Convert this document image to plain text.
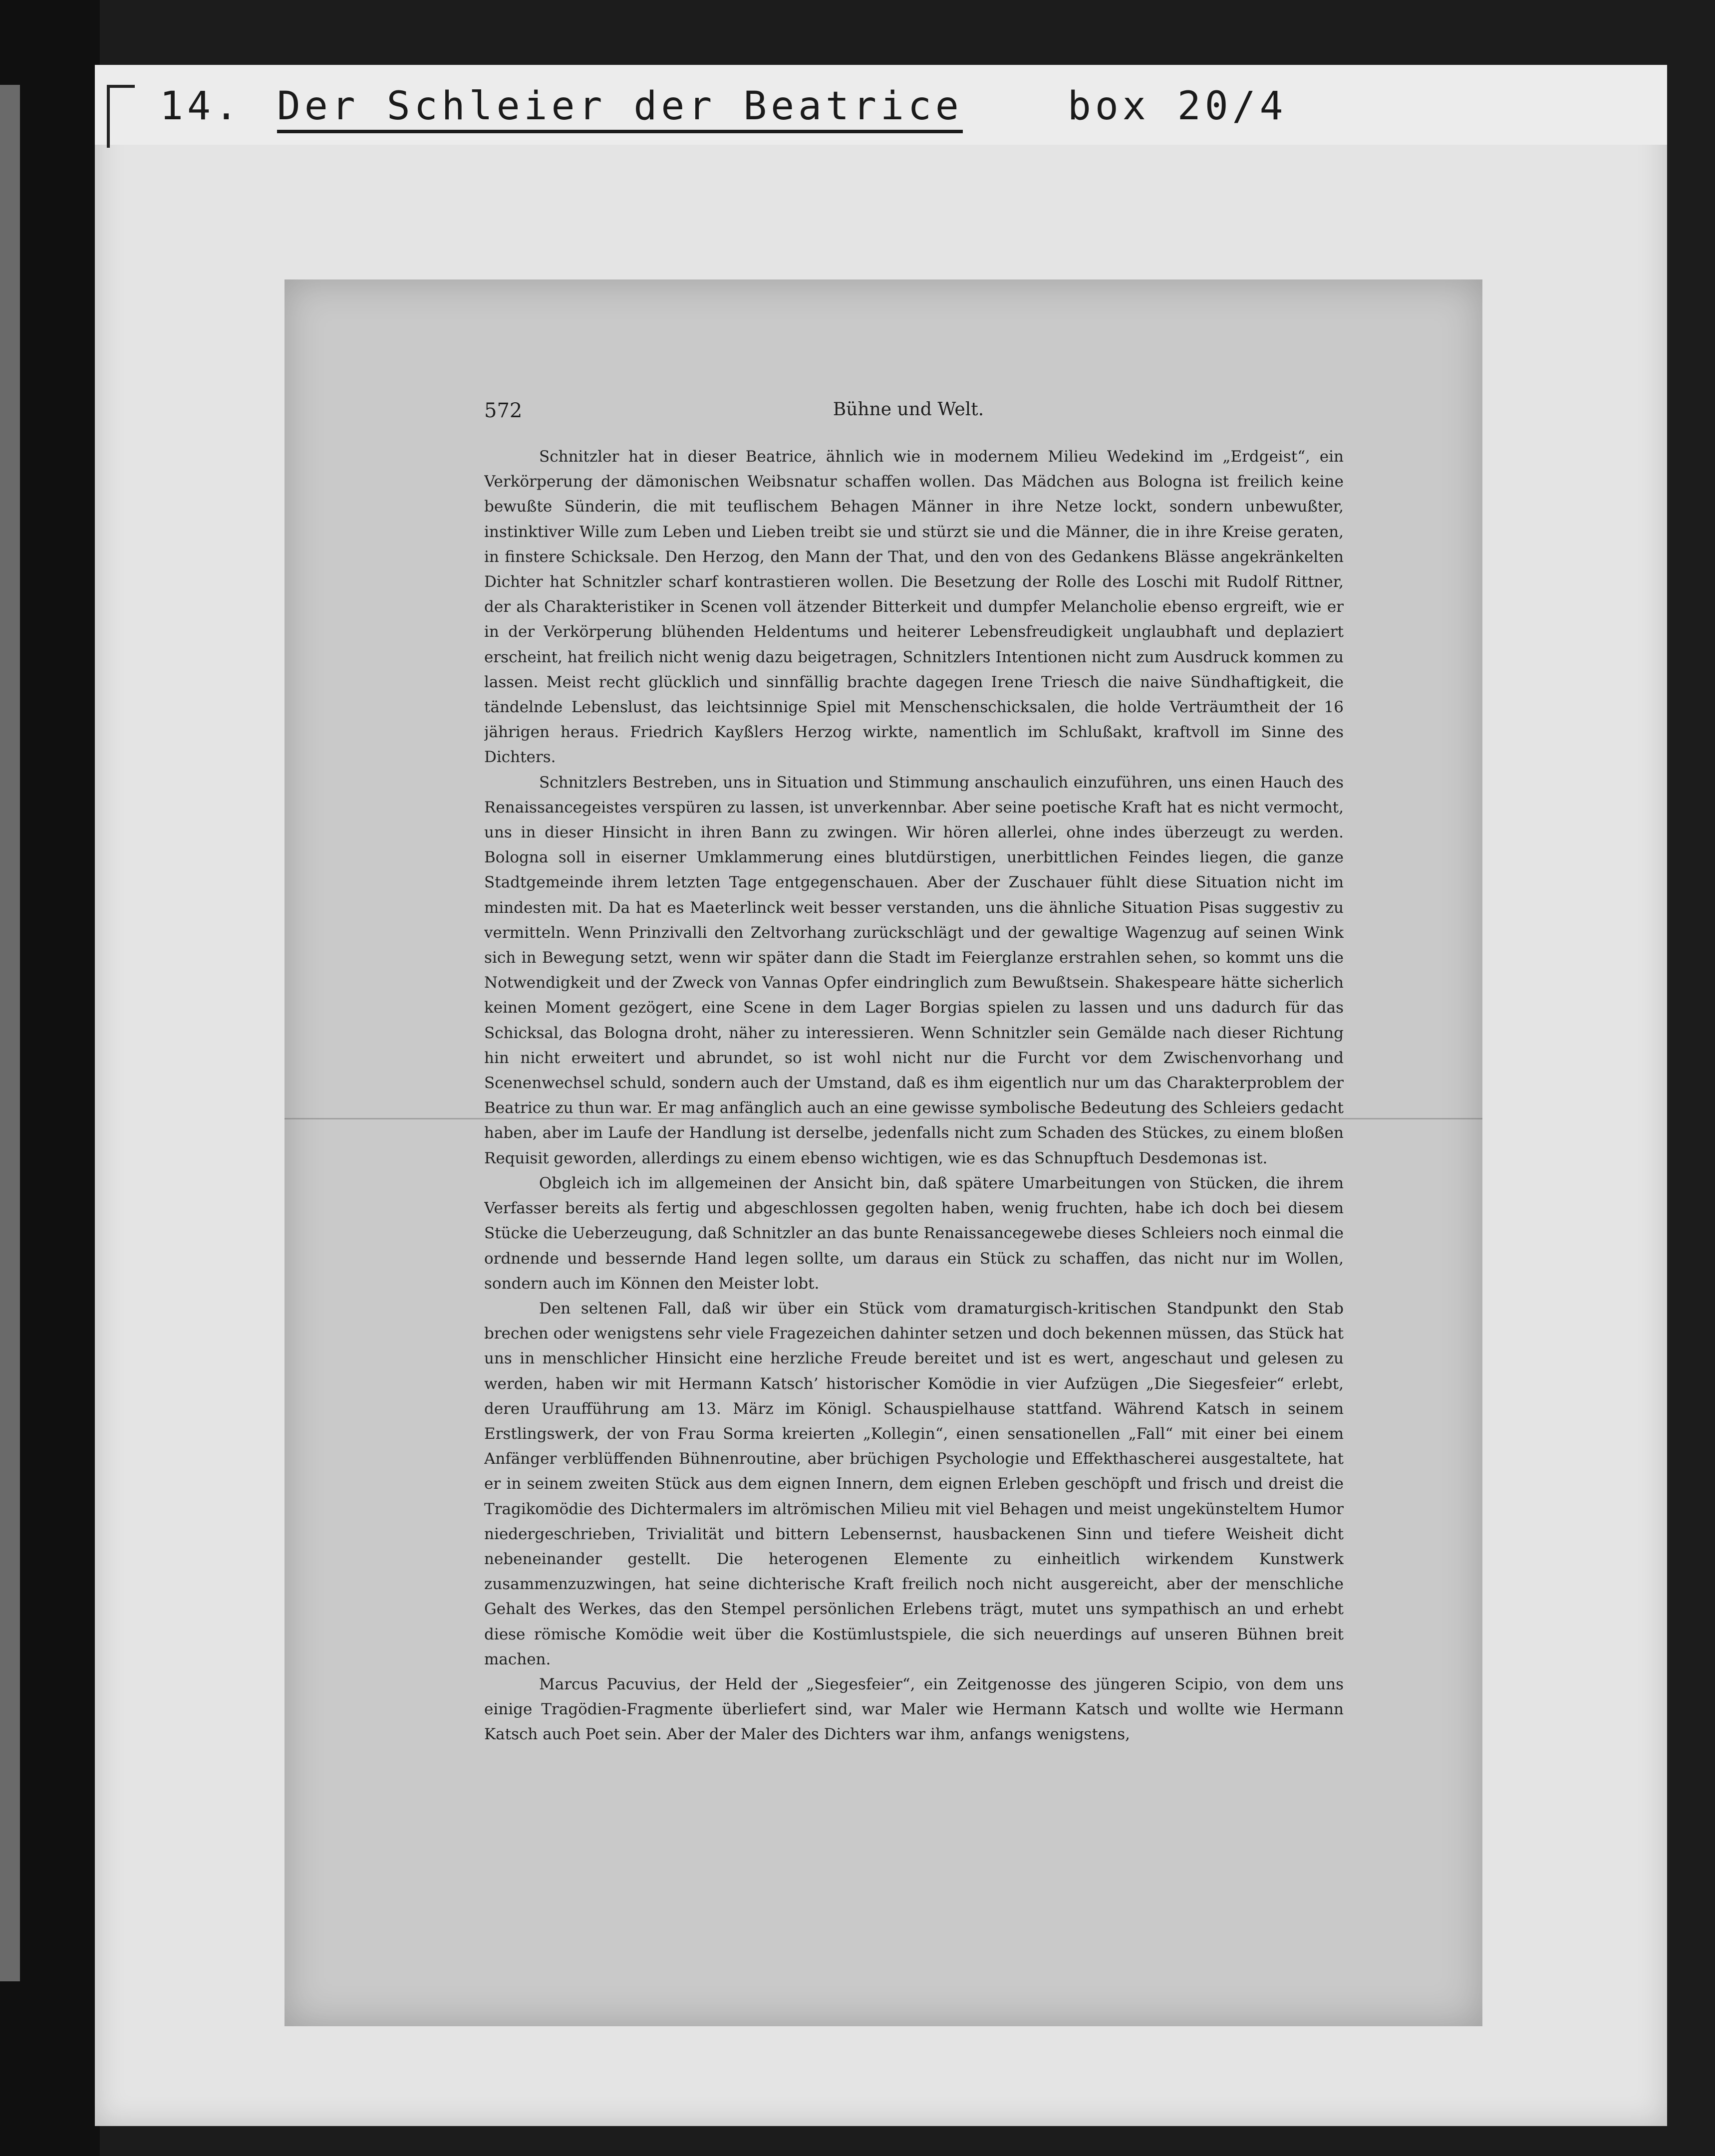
14. Der Schleier der Beatrice	box 20/4
572	Bühne und Welt.

Schnitzler hat in dieser Beatrice, ähnlich wie in modernem Milieu Wedekind im „Erdgeist“, ein Verkörperung der dämonischen Weibsnatur schaffen wollen. Das Mädchen aus Bologna ist freilich keine bewußte Sünderin, die mit teuflischem Behagen Männer in ihre Netze lockt, sondern unbewußter, instinktiver Wille zum Leben und Lieben treibt sie und stürzt sie und die Männer, die in ihre Kreise geraten, in finstere Schicksale. Den Herzog, den Mann der That, und den von des Gedankens Blässe angekränkelten Dichter hat Schnitzler scharf kontrastieren wollen. Die Besetzung der Rolle des Loschi mit Rudolf Rittner, der als Charakteristiker in Scenen voll ätzender Bitterkeit und dumpfer Melancholie ebenso ergreift, wie er in der Verkörperung blühenden Heldentums und heiterer Lebensfreudigkeit unglaubhaft und deplaziert erscheint, hat freilich nicht wenig dazu beigetragen, Schnitzlers Intentionen nicht zum Ausdruck kommen zu lassen. Meist recht glücklich und sinnfällig brachte dagegen Irene Triesch die naive Sündhaftigkeit, die tändelnde Lebenslust, das leichtsinnige Spiel mit Menschenschicksalen, die holde Verträumtheit der 16 jährigen heraus. Friedrich Kayßlers Herzog wirkte, namentlich im Schlußakt, kraftvoll im Sinne des Dichters.

Schnitzlers Bestreben, uns in Situation und Stimmung anschaulich einzuführen, uns einen Hauch des Renaissancegeistes verspüren zu lassen, ist unverkennbar. Aber seine poetische Kraft hat es nicht vermocht, uns in dieser Hinsicht in ihren Bann zu zwingen. Wir hören allerlei, ohne indes überzeugt zu werden. Bologna soll in eiserner Umklammerung eines blutdürstigen, unerbittlichen Feindes liegen, die ganze Stadtgemeinde ihrem letzten Tage entgegenschauen. Aber der Zuschauer fühlt diese Situation nicht im mindesten mit. Da hat es Maeterlinck weit besser verstanden, uns die ähnliche Situation Pisas suggestiv zu vermitteln. Wenn Prinzivalli den Zeltvorhang zurückschlägt und der gewaltige Wagenzug auf seinen Wink sich in Bewegung setzt, wenn wir später dann die Stadt im Feierglanze erstrahlen sehen, so kommt uns die Notwendigkeit und der Zweck von Vannas Opfer eindringlich zum Bewußtsein. Shakespeare hätte sicherlich keinen Moment gezögert, eine Scene in dem Lager Borgias spielen zu lassen und uns dadurch für das Schicksal, das Bologna droht, näher zu interessieren. Wenn Schnitzler sein Gemälde nach dieser Richtung hin nicht erweitert und abrundet, so ist wohl nicht nur die Furcht vor dem Zwischenvorhang und Scenenwechsel schuld, sondern auch der Umstand, daß es ihm eigentlich nur um das Charakterproblem der Beatrice zu thun war. Er mag anfänglich auch an eine gewisse symbolische Bedeutung des Schleiers gedacht haben, aber im Laufe der Handlung ist derselbe, jedenfalls nicht zum Schaden des Stückes, zu einem bloßen Requisit geworden, allerdings zu einem ebenso wichtigen, wie es das Schnupftuch Desdemonas ist.

Obgleich ich im allgemeinen der Ansicht bin, daß spätere Umarbeitungen von Stücken, die ihrem Verfasser bereits als fertig und abgeschlossen gegolten haben, wenig fruchten, habe ich doch bei diesem Stücke die Ueberzeugung, daß Schnitzler an das bunte Renaissancegewebe dieses Schleiers noch einmal die ordnende und bessernde Hand legen sollte, um daraus ein Stück zu schaffen, das nicht nur im Wollen, sondern auch im Können den Meister lobt.

Den seltenen Fall, daß wir über ein Stück vom dramaturgisch-kritischen Standpunkt den Stab brechen oder wenigstens sehr viele Fragezeichen dahinter setzen und doch bekennen müssen, das Stück hat uns in menschlicher Hinsicht eine herzliche Freude bereitet und ist es wert, angeschaut und gelesen zu werden, haben wir mit Hermann Katsch’ historischer Komödie in vier Aufzügen „Die Siegesfeier“ erlebt, deren Uraufführung am 13. März im Königl. Schauspielhause stattfand. Während Katsch in seinem Erstlingswerk, der von Frau Sorma kreierten „Kollegin“, einen sensationellen „Fall“ mit einer bei einem Anfänger verblüffenden Bühnenroutine, aber brüchigen Psychologie und Effekthascherei ausgestaltete, hat er in seinem zweiten Stück aus dem eignen Innern, dem eignen Erleben geschöpft und frisch und dreist die Tragikomödie des Dichtermalers im altrömischen Milieu mit viel Behagen und meist ungekünsteltem Humor niedergeschrieben, Trivialität und bittern Lebensernst, hausbackenen Sinn und tiefere Weisheit dicht nebeneinander gestellt. Die heterogenen Elemente zu einheitlich wirkendem Kunstwerk zusammenzuzwingen, hat seine dichterische Kraft freilich noch nicht ausgereicht, aber der menschliche Gehalt des Werkes, das den Stempel persönlichen Erlebens trägt, mutet uns sympathisch an und erhebt diese römische Komödie weit über die Kostümlustspiele, die sich neuerdings auf unseren Bühnen breit machen.

Marcus Pacuvius, der Held der „Siegesfeier“, ein Zeitgenosse des jüngeren Scipio, von dem uns einige Tragödien-Fragmente überliefert sind, war Maler wie Hermann Katsch und wollte wie Hermann Katsch auch Poet sein. Aber der Maler des Dichters war ihm, anfangs wenigstens,
